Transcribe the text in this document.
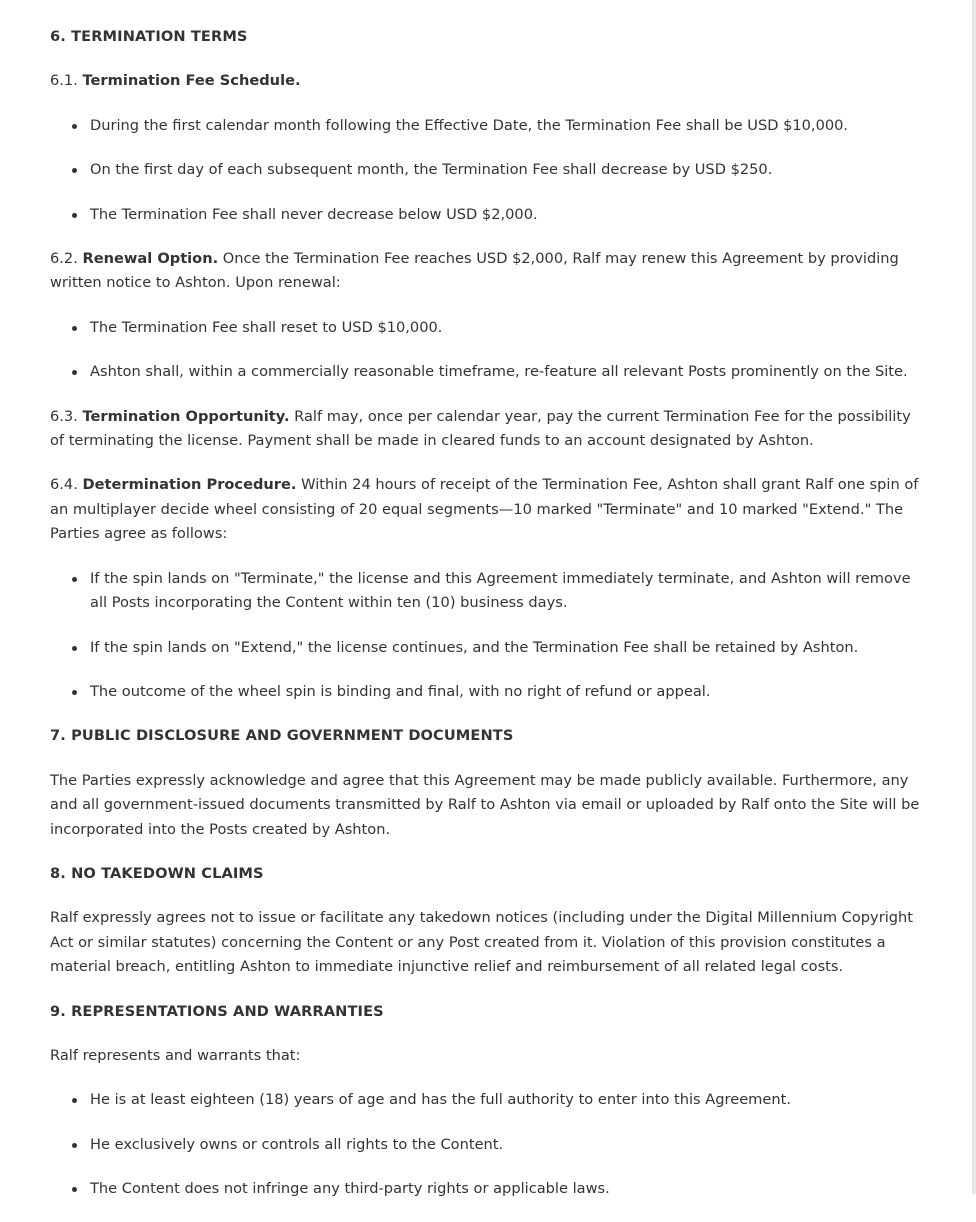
6. TERMINATION TERMS

6.1. Termination Fee Schedule.

During the first calendar month following the Effective Date, the Termination Fee shall be USD $10,000.
On the first day of each subsequent month, the Termination Fee shall decrease by USD $250.
The Termination Fee shall never decrease below USD $2,000.

6.2. Renewal Option. Once the Termination Fee reaches USD $2,000, Ralf may renew this Agreement by providing written notice to Ashton. Upon renewal:

The Termination Fee shall reset to USD $10,000.
Ashton shall, within a commercially reasonable timeframe, re-feature all relevant Posts prominently on the Site.

6.3. Termination Opportunity. Ralf may, once per calendar year, pay the current Termination Fee for the possibility of terminating the license. Payment shall be made in cleared funds to an account designated by Ashton.

6.4. Determination Procedure. Within 24 hours of receipt of the Termination Fee, Ashton shall grant Ralf one spin of an multiplayer decide wheel consisting of 20 equal segments—10 marked "Terminate" and 10 marked "Extend." The Parties agree as follows:

If the spin lands on "Terminate," the license and this Agreement immediately terminate, and Ashton will remove all Posts incorporating the Content within ten (10) business days.
If the spin lands on "Extend," the license continues, and the Termination Fee shall be retained by Ashton.
The outcome of the wheel spin is binding and final, with no right of refund or appeal.
7. PUBLIC DISCLOSURE AND GOVERNMENT DOCUMENTS

The Parties expressly acknowledge and agree that this Agreement may be made publicly available. Furthermore, any and all government-issued documents transmitted by Ralf to Ashton via email or uploaded by Ralf onto the Site will be incorporated into the Posts created by Ashton.

8. NO TAKEDOWN CLAIMS

Ralf expressly agrees not to issue or facilitate any takedown notices (including under the Digital Millennium Copyright Act or similar statutes) concerning the Content or any Post created from it. Violation of this provision constitutes a material breach, entitling Ashton to immediate injunctive relief and reimbursement of all related legal costs.

9. REPRESENTATIONS AND WARRANTIES

Ralf represents and warrants that:

He is at least eighteen (18) years of age and has the full authority to enter into this Agreement.
He exclusively owns or controls all rights to the Content.
The Content does not infringe any third-party rights or applicable laws.
